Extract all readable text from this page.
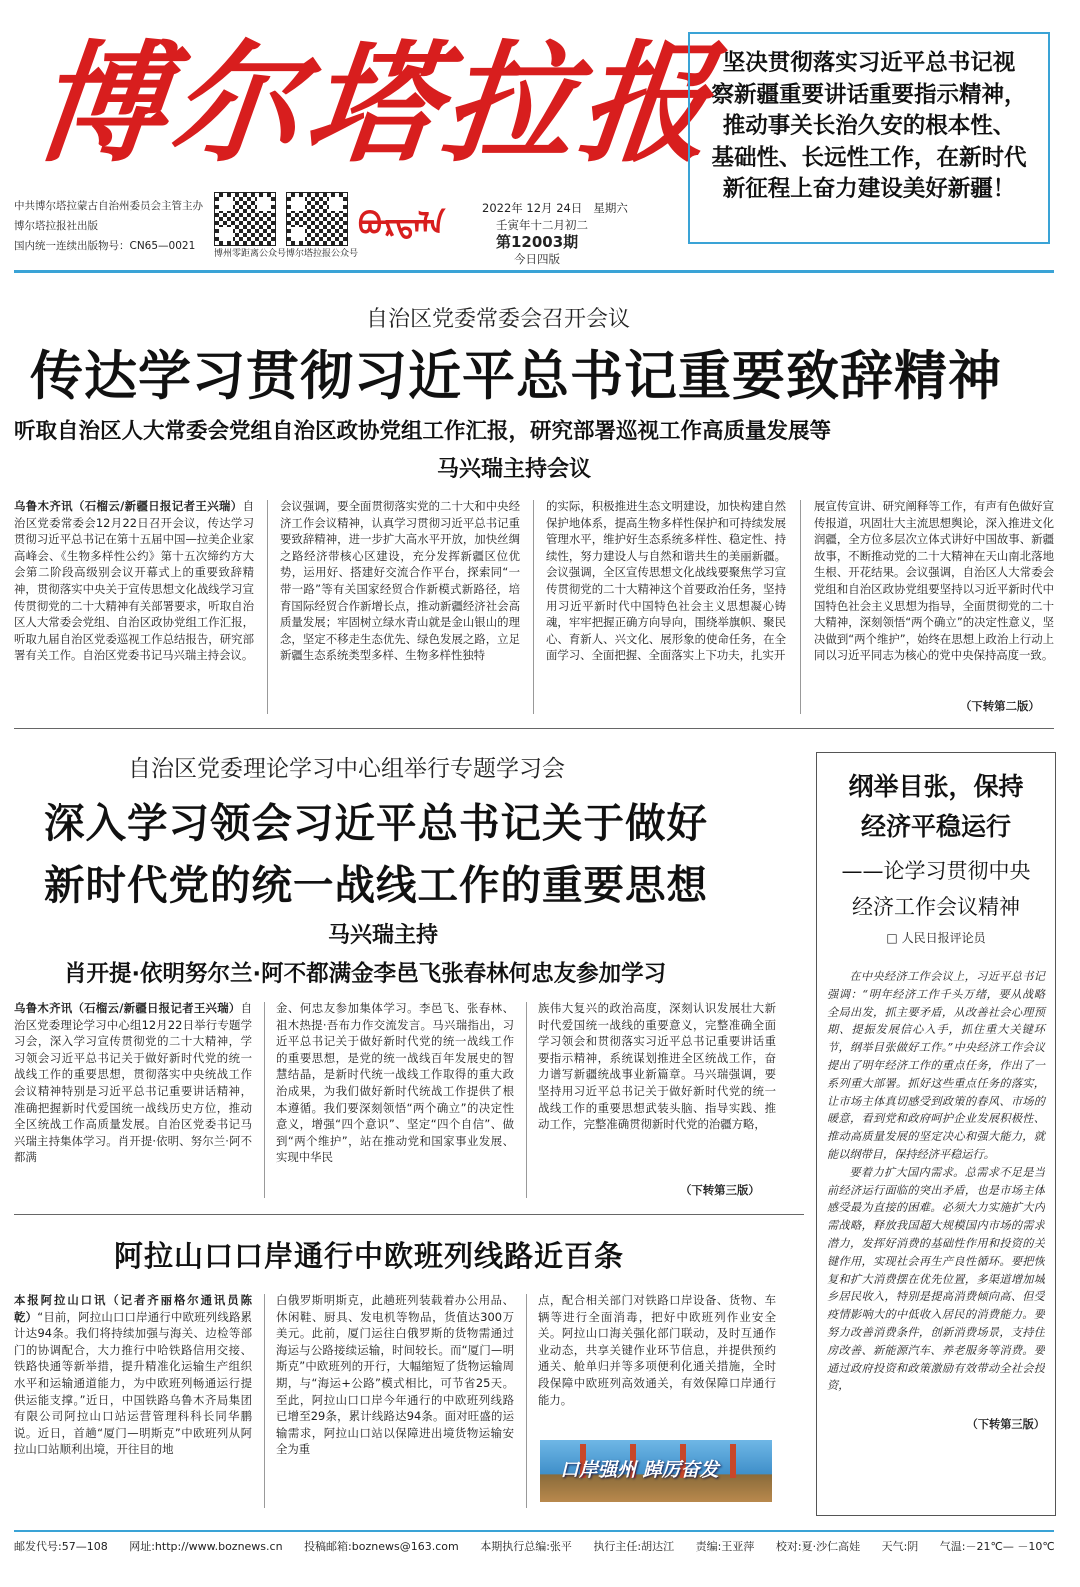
博尔塔拉报
坚决贯彻落实习近平总书记视
察新疆重要讲话重要指示精神，
推动事关长治久安的根本性、
基础性、长远性工作，在新时代
新征程上奋力建设美好新疆！
中共博尔塔拉蒙古自治州委员会主管主办
博尔塔拉报社出版
国内统一连续出版物号：CN65—0021
博州零距离公众号 博尔塔拉报公众号
ᠪᠣᠷᠲᠠᠯᠠ	2022年 12月 24日 星期六
壬寅年十二月初二
第12003期
今日四版
自治区党委常委会召开会议
传达学习贯彻习近平总书记重要致辞精神
听取自治区人大常委会党组自治区政协党组工作汇报，研究部署巡视工作高质量发展等
马兴瑞主持会议
乌鲁木齐讯（石榴云/新疆日报记者王兴瑞）自治区党委常委会12月22日召开会议，传达学习贯彻习近平总书记在第十五届中国—拉美企业家高峰会、《生物多样性公约》第十五次缔约方大会第二阶段高级别会议开幕式上的重要致辞精神，贯彻落实中央关于宣传思想文化战线学习宣传贯彻党的二十大精神有关部署要求，听取自治区人大常委会党组、自治区政协党组工作汇报，听取九届自治区党委巡视工作总结报告，研究部署有关工作。自治区党委书记马兴瑞主持会议。
会议强调，要全面贯彻落实党的二十大和中央经济工作会议精神，认真学习贯彻习近平总书记重要致辞精神，进一步扩大高水平开放，加快丝绸之路经济带核心区建设，充分发挥新疆区位优势，运用好、搭建好交流合作平台，探索同“一带一路”等有关国家经贸合作新模式新路径，培育国际经贸合作新增长点，推动新疆经济社会高质量发展；牢固树立绿水青山就是金山银山的理念，坚定不移走生态优先、绿色发展之路，立足新疆生态系统类型多样、生物多样性独特
的实际，积极推进生态文明建设，加快构建自然保护地体系，提高生物多样性保护和可持续发展管理水平，维护好生态系统多样性、稳定性、持续性，努力建设人与自然和谐共生的美丽新疆。会议强调，全区宣传思想文化战线要聚焦学习宣传贯彻党的二十大精神这个首要政治任务，坚持用习近平新时代中国特色社会主义思想凝心铸魂，牢牢把握正确方向导向，围绕举旗帜、聚民心、育新人、兴文化、展形象的使命任务，在全面学习、全面把握、全面落实上下功夫，扎实开
展宣传宣讲、研究阐释等工作，有声有色做好宣传报道，巩固壮大主流思想舆论，深入推进文化润疆，全方位多层次立体式讲好中国故事、新疆故事，不断推动党的二十大精神在天山南北落地生根、开花结果。会议强调，自治区人大常委会党组和自治区政协党组要坚持以习近平新时代中国特色社会主义思想为指导，全面贯彻党的二十大精神，深刻领悟“两个确立”的决定性意义，坚决做到“两个维护”，始终在思想上政治上行动上同以习近平同志为核心的党中央保持高度一致。
（下转第二版）
自治区党委理论学习中心组举行专题学习会
深入学习领会习近平总书记关于做好
新时代党的统一战线工作的重要思想
马兴瑞主持
肖开提·依明努尔兰·阿不都满金李邑飞张春林何忠友参加学习
乌鲁木齐讯（石榴云/新疆日报记者王兴瑞）自治区党委理论学习中心组12月22日举行专题学习会，深入学习宣传贯彻党的二十大精神，学习领会习近平总书记关于做好新时代党的统一战线工作的重要思想，贯彻落实中央统战工作会议精神特别是习近平总书记重要讲话精神，准确把握新时代爱国统一战线历史方位，推动全区统战工作高质量发展。自治区党委书记马兴瑞主持集体学习。肖开提·依明、努尔兰·阿不都满
金、何忠友参加集体学习。李邑飞、张春林、祖木热提·吾布力作交流发言。马兴瑞指出，习近平总书记关于做好新时代党的统一战线工作的重要思想，是党的统一战线百年发展史的智慧结晶，是新时代统一战线工作取得的重大政治成果，为我们做好新时代统战工作提供了根本遵循。我们要深刻领悟“两个确立”的决定性意义，增强“四个意识”、坚定“四个自信”、做到“两个维护”，站在推动党和国家事业发展、实现中华民
族伟大复兴的政治高度，深刻认识发展壮大新时代爱国统一战线的重要意义，完整准确全面学习领会和贯彻落实习近平总书记重要讲话重要指示精神，系统谋划推进全区统战工作，奋力谱写新疆统战事业新篇章。马兴瑞强调，要坚持用习近平总书记关于做好新时代党的统一战线工作的重要思想武装头脑、指导实践、推动工作，完整准确贯彻新时代党的治疆方略，
（下转第三版）
纲举目张，保持
经济平稳运行
——论学习贯彻中央
经济工作会议精神
□ 人民日报评论员
在中央经济工作会议上，习近平总书记强调：“明年经济工作千头万绪，要从战略全局出发，抓主要矛盾，从改善社会心理预期、提振发展信心入手，抓住重大关键环节，纲举目张做好工作。”中央经济工作会议提出了明年经济工作的重点任务，作出了一系列重大部署。抓好这些重点任务的落实，让市场主体真切感受到政策的春风、市场的暖意，看到党和政府呵护企业发展积极性、推动高质量发展的坚定决心和强大能力，就能以纲带目，保持经济平稳运行。
要着力扩大国内需求。总需求不足是当前经济运行面临的突出矛盾，也是市场主体感受最为直接的困难。必须大力实施扩大内需战略，释放我国超大规模国内市场的需求潜力，发挥好消费的基础性作用和投资的关键作用，实现社会再生产良性循环。要把恢复和扩大消费摆在优先位置，多渠道增加城乡居民收入，特别是提高消费倾向高、但受疫情影响大的中低收入居民的消费能力。要努力改善消费条件，创新消费场景，支持住房改善、新能源汽车、养老服务等消费。要通过政府投资和政策激励有效带动全社会投资，
（下转第三版）
阿拉山口口岸通行中欧班列线路近百条
本报阿拉山口讯（记者齐丽格尔通讯员陈乾）“目前，阿拉山口口岸通行中欧班列线路累计达94条。我们将持续加强与海关、边检等部门的协调配合，大力推行中哈铁路信用交接、铁路快通等新举措，提升精准化运输生产组织水平和运输通道能力，为中欧班列畅通运行提供运能支撑。”近日，中国铁路乌鲁木齐局集团有限公司阿拉山口站运营管理科科长同华鹏说。近日，首趟“厦门—明斯克”中欧班列从阿拉山口站顺利出境，开往目的地
白俄罗斯明斯克，此趟班列装载着办公用品、休闲鞋、厨具、发电机等物品，货值达300万美元。此前，厦门运往白俄罗斯的货物需通过海运与公路接续运输，时间较长。而“厦门—明斯克”中欧班列的开行，大幅缩短了货物运输周期，与“海运+公路”模式相比，可节省25天。至此，阿拉山口口岸今年通行的中欧班列线路已增至29条，累计线路达94条。面对旺盛的运输需求，阿拉山口站以保障进出境货物运输安全为重
点，配合相关部门对铁路口岸设备、货物、车辆等进行全面消毒，把好中欧班列作业安全关。阿拉山口海关强化部门联动，及时互通作业动态，共享关键作业环节信息，并提供预约通关、舱单归并等多项便利化通关措施，全时段保障中欧班列高效通关，有效保障口岸通行能力。
口岸强州 踔厉奋发
邮发代号:57—108 网址:http://www.boznews.cn 投稿邮箱:boznews@163.com 本期执行总编:张平 执行主任:胡达江 责编:王亚萍 校对:夏·沙仁高娃 天气:阴 气温:－21℃— －10℃
